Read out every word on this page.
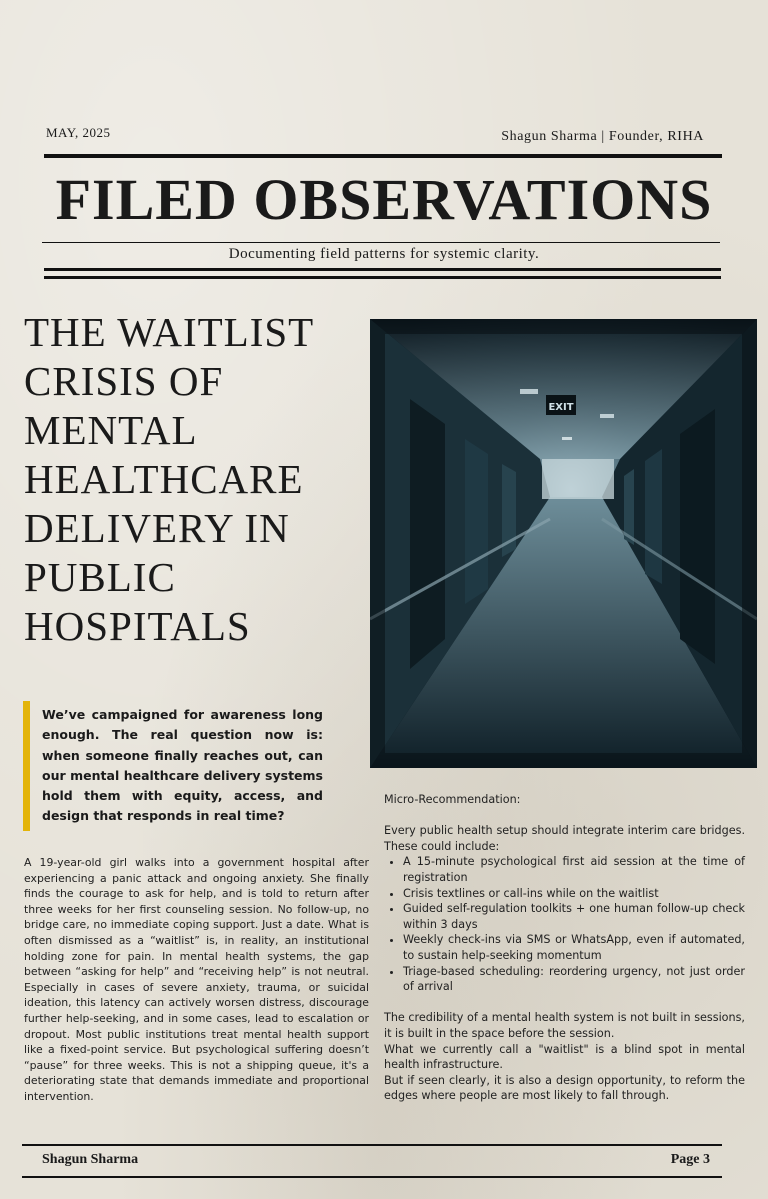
MAY, 2025	Shagun Sharma | Founder, RIHA
FILED OBSERVATIONS
Documenting field patterns for systemic clarity.
THE WAITLIST CRISIS OF MENTAL HEALTHCARE DELIVERY IN PUBLIC HOSPITALS
EXIT
We’ve campaigned for awareness long enough. The real question now is: when someone finally reaches out, can our mental healthcare delivery systems hold them with equity, access, and design that responds in real time?
A 19-year-old girl walks into a government hospital after experiencing a panic attack and ongoing anxiety. She finally finds the courage to ask for help, and is told to return after three weeks for her first counseling session. No follow-up, no bridge care, no immediate coping support. Just a date. What is often dismissed as a “waitlist” is, in reality, an institutional holding zone for pain. In mental health systems, the gap between “asking for help” and “receiving help” is not neutral. Especially in cases of severe anxiety, trauma, or suicidal ideation, this latency can actively worsen distress, discourage further help-seeking, and in some cases, lead to escalation or dropout. Most public institutions treat mental health support like a fixed-point service. But psychological suffering doesn’t “pause” for three weeks. This is not a shipping queue, it's a deteriorating state that demands immediate and proportional intervention.

Micro-Recommendation:

Every public health setup should integrate interim care bridges. These could include:

• A 15-minute psychological first aid session at the time of registration
• Crisis textlines or call-ins while on the waitlist
• Guided self-regulation toolkits + one human follow-up check within 3 days
• Weekly check-ins via SMS or WhatsApp, even if automated, to sustain help-seeking momentum
• Triage-based scheduling: reordering urgency, not just order of arrival

The credibility of a mental health system is not built in sessions, it is built in the space before the session.

What we currently call a "waitlist" is a blind spot in mental health infrastructure.

But if seen clearly, it is also a design opportunity, to reform the edges where people are most likely to fall through.

Shagun Sharma	Page 3
